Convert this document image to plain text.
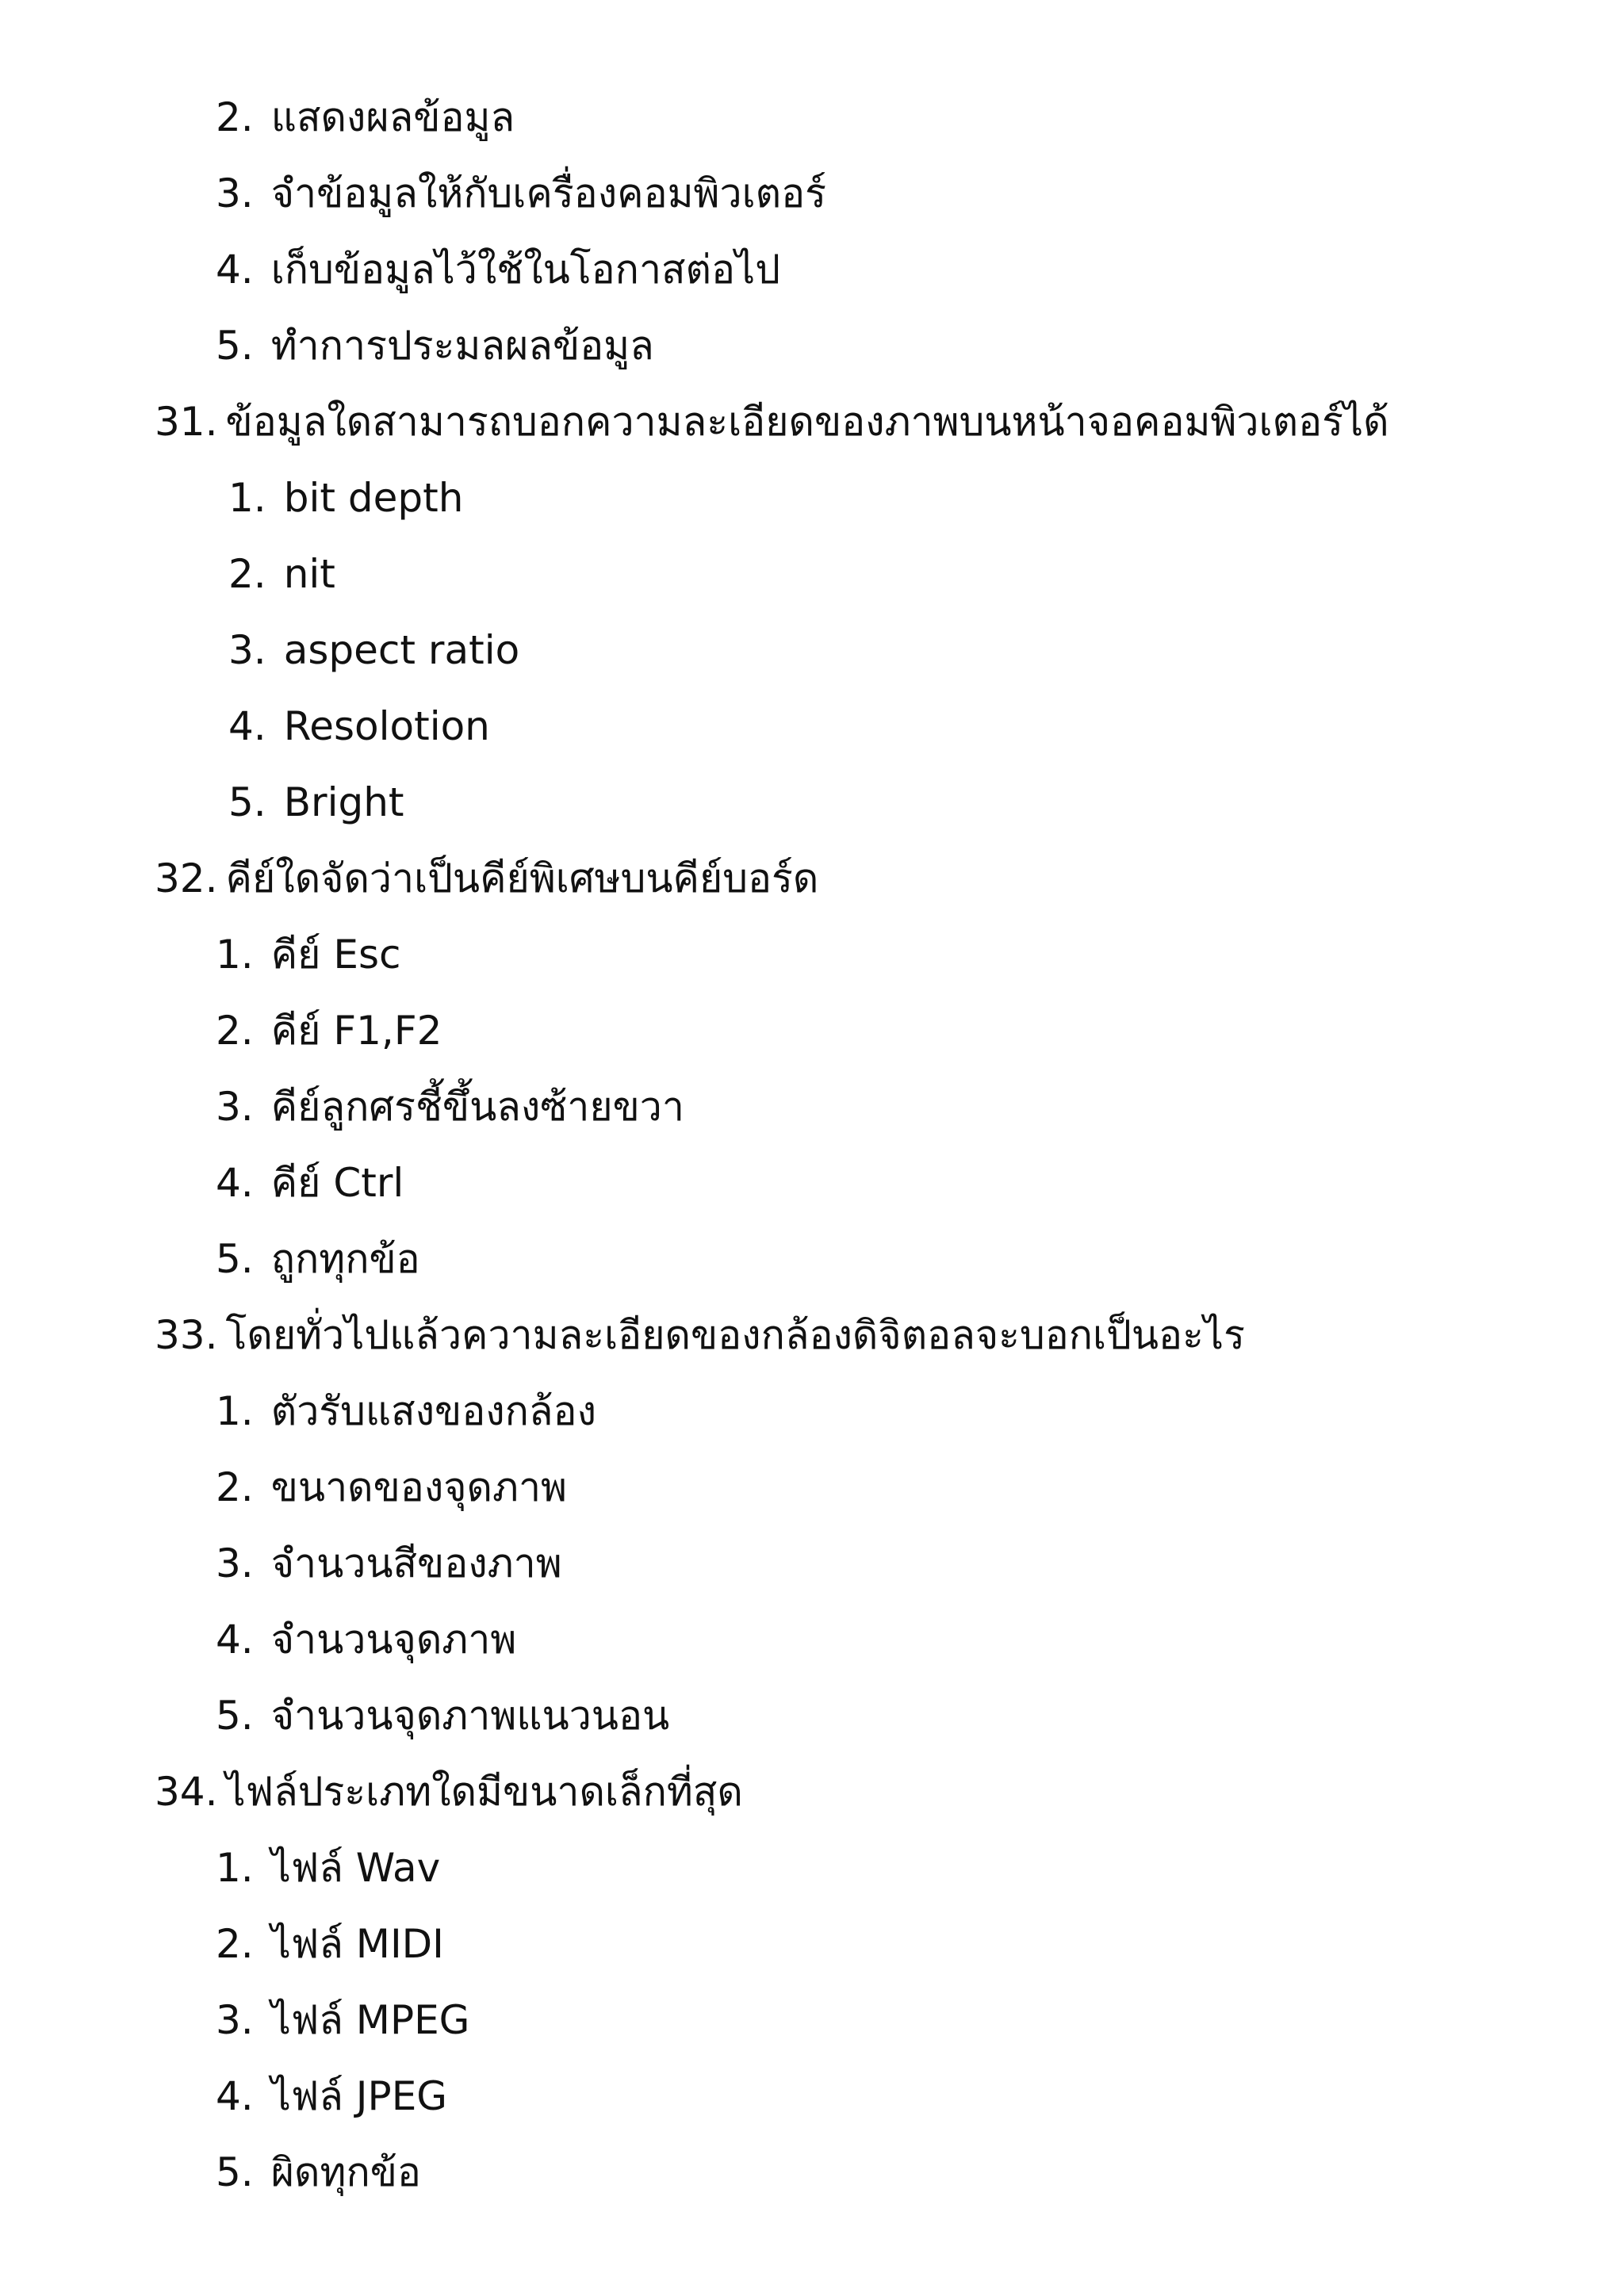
2. แสดงผลข้อมูล
3. จำข้อมูลให้กับเครื่องคอมพิวเตอร์
4. เก็บข้อมูลไว้ใช้ในโอกาสต่อไป
5. ทำการประมลผลข้อมูล
31. ข้อมูลใดสามารถบอกความละเอียดของภาพบนหน้าจอคอมพิวเตอร์ได้
1. bit depth
2. nit
3. aspect ratio
4. Resolotion
5. Bright
32. คีย์ใดจัดว่าเป็นคีย์พิเศษบนคีย์บอร์ด
1. คีย์ Esc
2. คีย์ F1,F2
3. คีย์ลูกศรชี้ขึ้นลงซ้ายขวา
4. คีย์ Ctrl
5. ถูกทุกข้อ
33. โดยทั่วไปแล้วความละเอียดของกล้องดิจิตอลจะบอกเป็นอะไร
1. ตัวรับแสงของกล้อง
2. ขนาดของจุดภาพ
3. จำนวนสีของภาพ
4. จำนวนจุดภาพ
5. จำนวนจุดภาพแนวนอน
34. ไฟล์ประเภทใดมีขนาดเล็กที่สุด
1. ไฟล์ Wav
2. ไฟล์ MIDI
3. ไฟล์ MPEG
4. ไฟล์ JPEG
5. ผิดทุกข้อ
